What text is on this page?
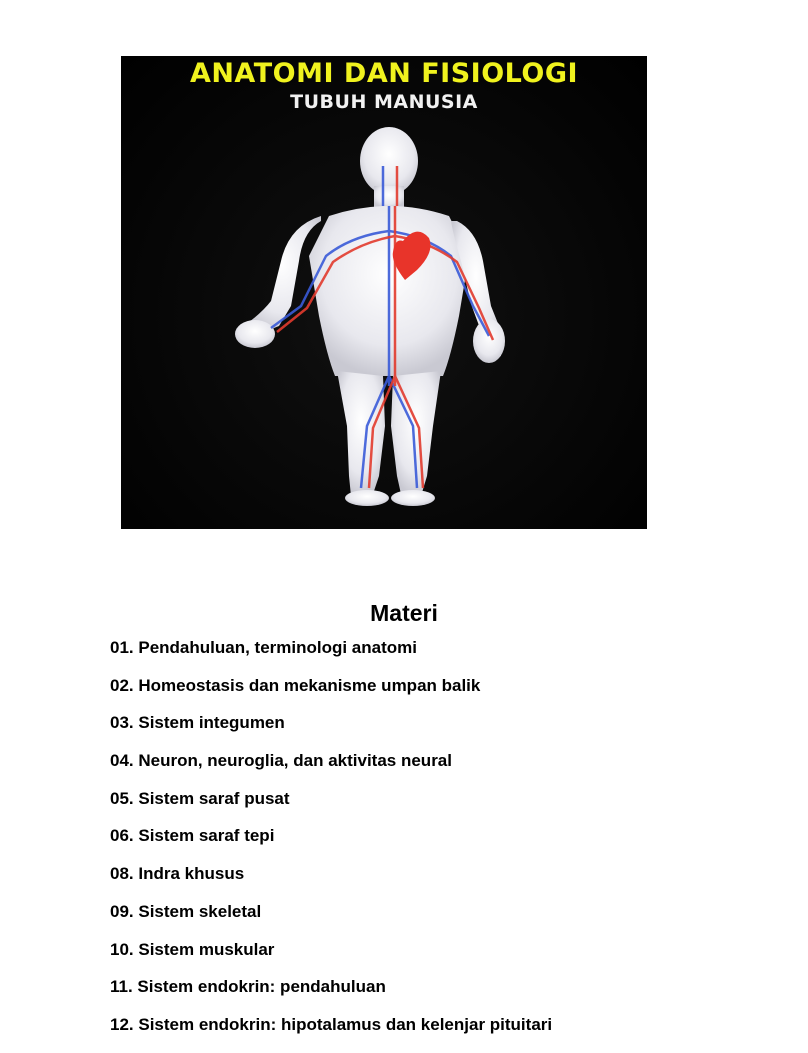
ANATOMI DAN FISIOLOGI
TUBUH MANUSIA
Materi
01. Pendahuluan, terminologi anatomi
02. Homeostasis dan mekanisme umpan balik
03. Sistem integumen
04. Neuron, neuroglia, dan aktivitas neural
05. Sistem saraf pusat
06. Sistem saraf tepi
08. Indra khusus
09. Sistem skeletal
10. Sistem muskular
11. Sistem endokrin: pendahuluan
12. Sistem endokrin: hipotalamus dan kelenjar pituitari
